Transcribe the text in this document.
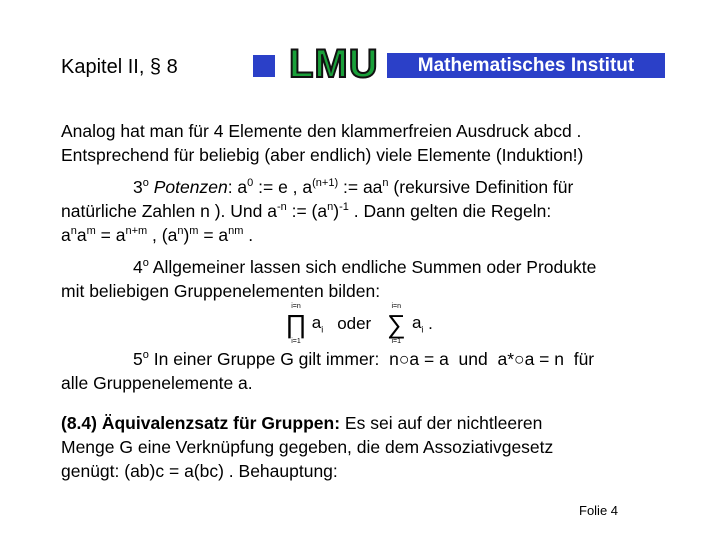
Kapitel II, § 8	LMU	Mathematisches Institut

Analog hat man für 4 Elemente den klammerfreien Ausdruck abcd .
Entsprechend für beliebig (aber endlich) viele Elemente (Induktion!)

3$^o$ Potenzen: $a^0$ := e , $a^{(n+1)}$ := $aa^n$ (rekursive Definition für

natürliche Zahlen n ). Und $a^{-n}$ := $(a^n)^{-1}$ . Dann gelten die Regeln:
$a^na^m = a^{n+m}$ , $(a^n)^m = a^{nm}$ .

4$^o$ Allgemeiner lassen sich endliche Summen oder Produkte

mit beliebigen Gruppenelementen bilden:

i=n
∏
i=1
$a_i$ oder
i=n
∑
i=1
$a_i$ .

5$^o$ In einer Gruppe G gilt immer:  n○a = a  und  a*○a = n  für

alle Gruppenelemente a.

(8.4) Äquivalenzsatz für Gruppen: Es sei auf der nichtleeren
Menge G eine Verknüpfung gegeben, die dem Assoziativgesetz
genügt: (ab)c = a(bc) . Behauptung:

Folie 4
